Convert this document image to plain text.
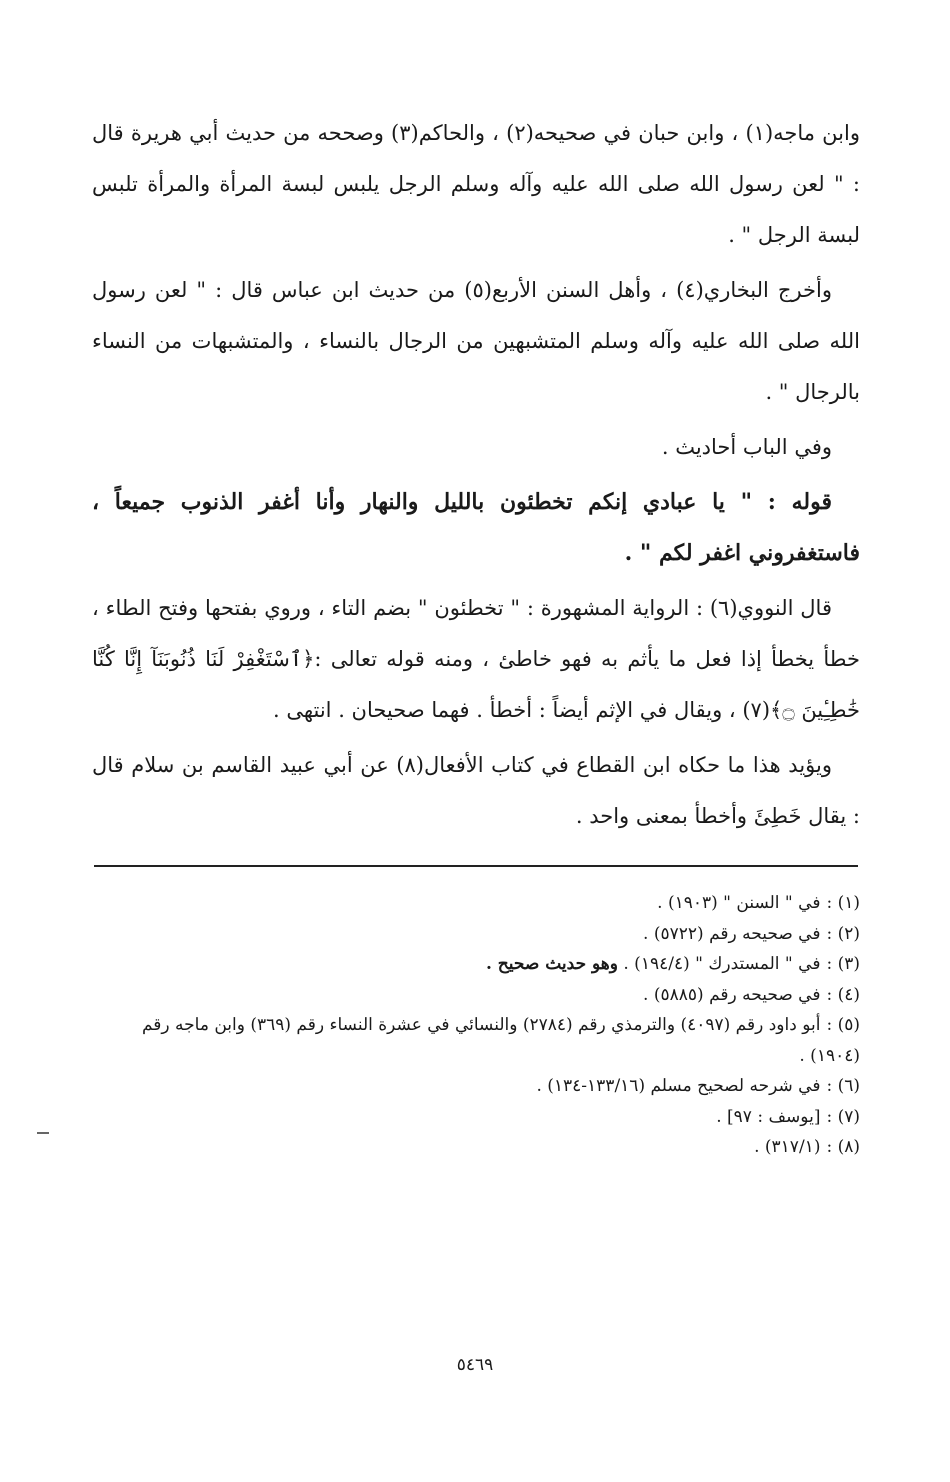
وابن ماجه(١) ، وابن حبان في صحيحه(٢) ، والحاكم(٣) وصححه من حديث أبي هريرة قال : " لعن رسول الله صلى الله عليه وآله وسلم الرجل يلبس لبسة المرأة والمرأة تلبس لبسة الرجل " .

وأخرج البخاري(٤) ، وأهل السنن الأربع(٥) من حديث ابن عباس قال : " لعن رسول الله صلى الله عليه وآله وسلم المتشبهين من الرجال بالنساء ، والمتشبهات من النساء بالرجال " .

وفي الباب أحاديث .

قوله : " يا عبادي إنكم تخطئون بالليل والنهار وأنا أغفر الذنوب جميعاً ، فاستغفروني اغفر لكم " .

قال النووي(٦) : الرواية المشهورة : " تخطئون " بضم التاء ، وروي بفتحها وفتح الطاء ، خطأ يخطأ إذا فعل ما يأثم به فهو خاطئ ، ومنه قوله تعالى :﴿ٱسْتَغْفِرْ لَنَا ذُنُوبَنَآ إِنَّا كُنَّا خَٰطِـِٔينَ ۝﴾(٧) ، ويقال في الإثم أيضاً : أخطأ . فهما صحيحان . انتهى .

ويؤيد هذا ما حكاه ابن القطاع في كتاب الأفعال(٨) عن أبي عبيد القاسم بن سلام قال : يقال خَطِئَ وأخطأ بمعنى واحد .

(١) :في " السنن " (١٩٠٣) .

(٢) :في صحيحه رقم (٥٧٢٢) .

(٣) :في " المستدرك " (١٩٤/٤) . وهو حديث صحيح .

(٤) :في صحيحه رقم (٥٨٨٥) .

(٥) :أبو داود رقم (٤٠٩٧) والترمذي رقم (٢٧٨٤) والنسائي في عشرة النساء رقم (٣٦٩) وابن ماجه رقم (١٩٠٤) .

(٦) :في شرحه لصحيح مسلم (١٣٣/١٦-١٣٤) .

(٧) :[يوسف : ٩٧] .

(٨) :(٣١٧/١) .

٥٤٦٩
